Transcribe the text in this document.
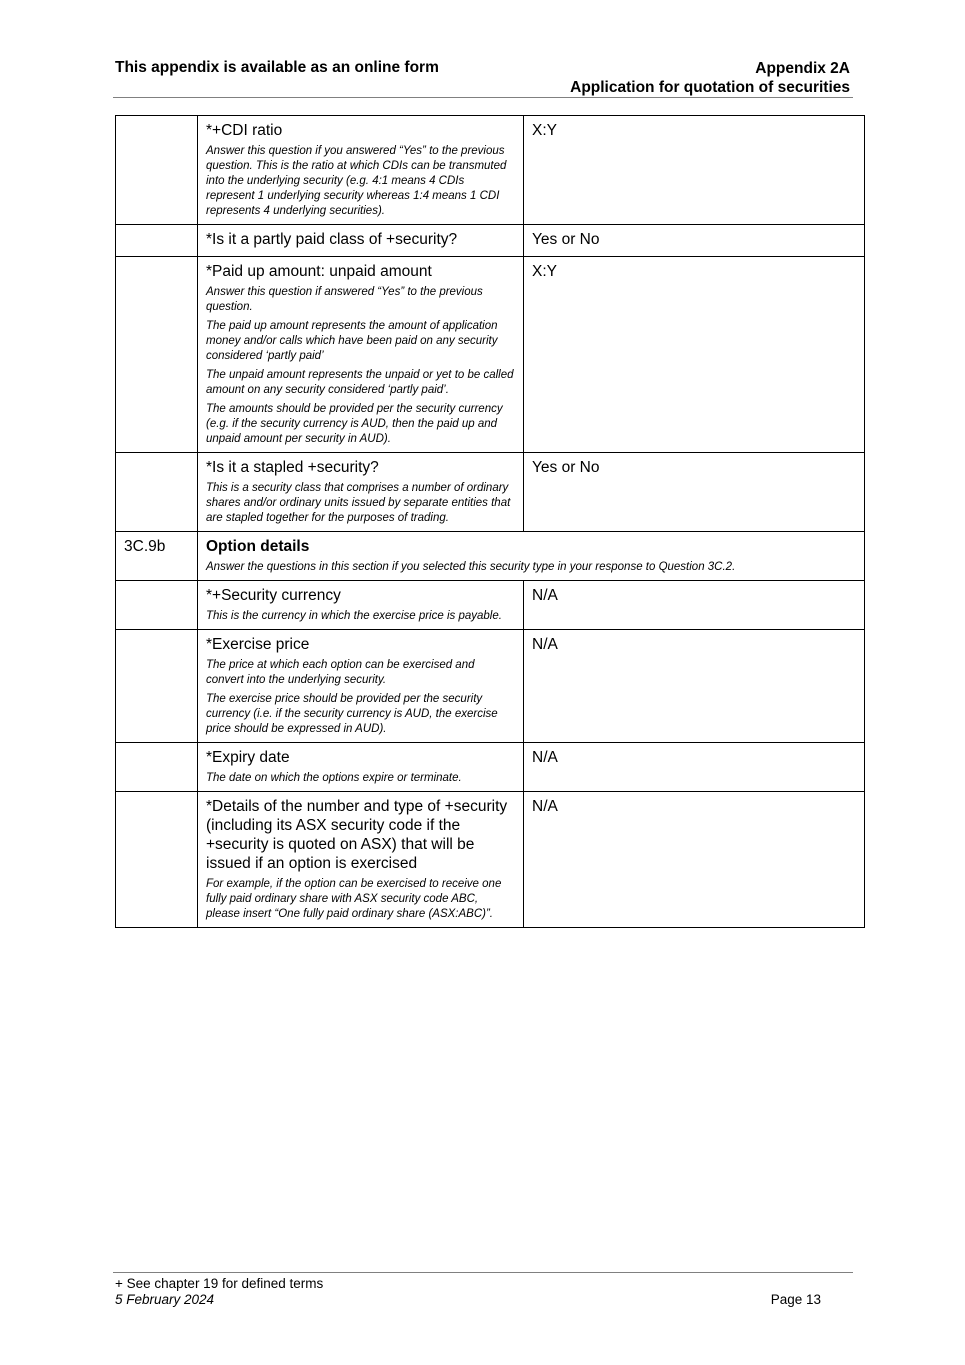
This appendix is available as an online form	Appendix 2A
Application for quotation of securities

	*+CDI ratio
Answer this question if you answered “Yes” to the previous question. This is the ratio at which CDIs can be transmuted into the underlying security (e.g. 4:1 means 4 CDIs represent 1 underlying security whereas 1:4 means 1 CDI represents 4 underlying securities).	X:Y

	*Is it a partly paid class of +security?	Yes or No

	*Paid up amount: unpaid amount
Answer this question if answered “Yes” to the previous question.
The paid up amount represents the amount of application money and/or calls which have been paid on any security considered ‘partly paid’
The unpaid amount represents the unpaid or yet to be called amount on any security considered ‘partly paid’.
The amounts should be provided per the security currency (e.g. if the security currency is AUD, then the paid up and unpaid amount per security in AUD).	X:Y

	*Is it a stapled +security?
This is a security class that comprises a number of ordinary shares and/or ordinary units issued by separate entities that are stapled together for the purposes of trading.	Yes or No

3C.9b	Option details
Answer the questions in this section if you selected this security type in your response to Question 3C.2.	

	*+Security currency
This is the currency in which the exercise price is payable.	N/A

	*Exercise price
The price at which each option can be exercised and convert into the underlying security.
The exercise price should be provided per the security currency (i.e. if the security currency is AUD, the exercise price should be expressed in AUD).	N/A

	*Expiry date
The date on which the options expire or terminate.	N/A

	*Details of the number and type of +security (including its ASX security code if the +security is quoted on ASX) that will be issued if an option is exercised
For example, if the option can be exercised to receive one fully paid ordinary share with ASX security code ABC, please insert “One fully paid ordinary share (ASX:ABC)”.	N/A
+ See chapter 19 for defined terms
5 February 2024	Page 13
